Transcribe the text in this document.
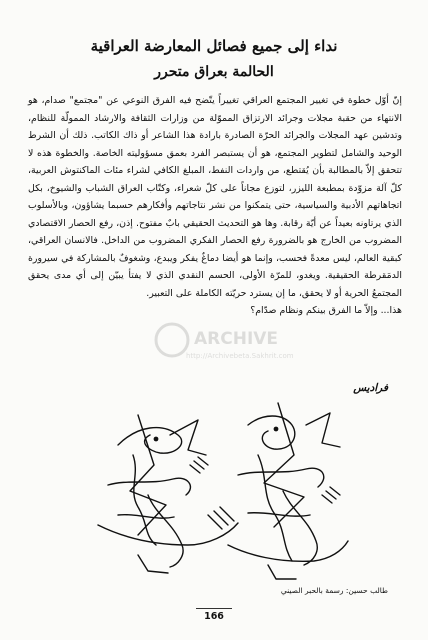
نداء إلى جميع فصائل المعارضة العراقية
الحالمة بعراق متحرر

إنّ أوّل خطوة في تغيير المجتمع العراقي تغييراً يتّضح فيه الفرق النوعي عن "مجتمع" صدام، هو الانتهاء من حقبة مجلات وجرائد الارتزاق المموّلة من وزارات الثقافة والارشاد الممولّة للنظام، وتدشين عهد المجلات والجرائد الحرّة الصادرة بارادة هذا الشاعر أو ذاك الكاتب. ذلك أن الشرط الوحيد والشامل لتطوير المجتمع، هو أن يستبصر الفرد بعمق مسؤوليته الخاصة. والخطوة هذه لا تتحقق إلاّ بالمطالبة بأن يُقتطع، من واردات النفط، المبلغ الكافي لشراء مئات الماكنتوش العربية، كلّ آلة مزوّدة بمطبعة الليزر، لتوزع مجاناً على كلّ شعراء، وكتّاب العراق الشباب والشيوخ، بكل اتجاهاتهم الأدبية والسياسية، حتى يتمكنوا من نشر نتاجاتهم وأفكارهم حسبما يشاؤون، وبالأسلوب الذي يرتاونه بعيداً عن أيّة رقابة. وها هو التحديث الحقيقي بابٌ مفتوح. إذن، رفع الحصار الاقتصادي المضروب من الخارج هو بالضرورة رفع الحصار الفكري المضروب من الداخل. فالانسان العراقي، كبقية العالم، ليس معدةً فحسب، وإنما هو أيضا دماغٌ يفكر ويبدع، وشغوفٌ بالمشاركة في سيرورة الدمَقرطة الحقيقية. ويغدو، للمرّة الأولى، الحسم النقدي الذي لا يفتأ يبيّن إلى أي مدى يحقق المجتمعُ الحرية أو لا يحقق، ما إن يسترد حريّته الكاملة على التعبير.

هذا... وإلاّ ما الفرق بينكم ونظام صدّام؟

ARCHIVE
http://Archivebeta.Sakhrit.com
فراديس
طالب حسين: رسمة بالحبر الصيني
166
